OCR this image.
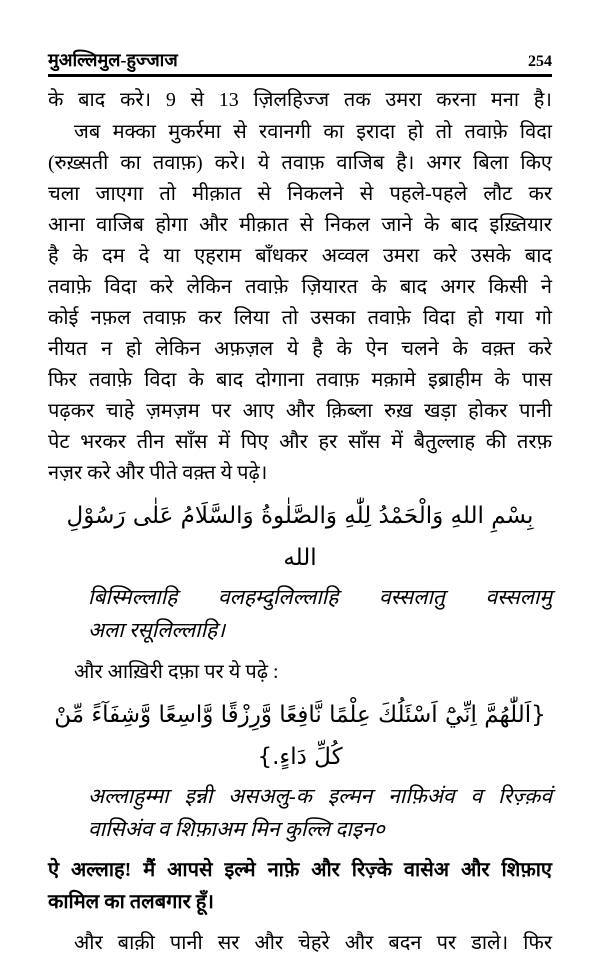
मुअल्लिमुल-हुज्जाज	254
के बाद करे। 9 से 13 ज़िलहिज्ज तक उमरा करना मना है।
जब मक्का मुकर्रमा से रवानगी का इरादा हो तो तवाफ़े विदा
(रुख़्सती का तवाफ़) करे। ये तवाफ़ वाजिब है। अगर बिला किए
चला जाएगा तो मीक़ात से निकलने से पहले-पहले लौट कर
आना वाजिब होगा और मीक़ात से निकल जाने के बाद इख़्तियार
है के दम दे या एहराम बाँधकर अव्वल उमरा करे उसके बाद
तवाफ़े विदा करे लेकिन तवाफ़े ज़ियारत के बाद अगर किसी ने
कोई नफ़ल तवाफ़ कर लिया तो उसका तवाफ़े विदा हो गया गो
नीयत न हो लेकिन अफ़ज़ल ये है के ऐन चलने के वक़्त करे
फिर तवाफ़े विदा के बाद दोगाना तवाफ़ मक़ामे इब्राहीम के पास
पढ़कर चाहे ज़मज़म पर आए और क़िब्ला रुख़ खड़ा होकर पानी
पेट भरकर तीन साँस में पिए और हर साँस में बैतुल्लाह की तरफ़
नज़र करे और पीते वक़्त ये पढ़े।
بِسْمِ اللهِ وَالْحَمْدُ لِلّٰهِ وَالصَّلٰوةُ وَالسَّلَامُ عَلٰى رَسُوْلِ الله
बिस्मिल्लाहि वलहम्दुलिल्लाहि वस्सलातु वस्सलामु
अला रसूलिल्लाहि।
और आख़िरी दफ़ा पर ये पढ़े :
{اَللّٰهُمَّ اِنِّيْٓ اَسْئَلُكَ عِلْمًا نَّافِعًا وَّرِزْقًا وَّاسِعًا وَّشِفَآءً مِّنْ كُلِّ دَاءٍ.}
अल्लाहुम्मा इन्नी असअलु-क इल्मन नाफ़िअंव व रिज़्क़वं
वासिअंव व शिफ़ाअम मिन कुल्लि दाइन०
ऐ अल्लाह! मैं आपसे इल्मे नाफ़े और रिज़्के वासेअ और शिफ़ाए
कामिल का तलबगार हूँ।
और बाक़ी पानी सर और चेहरे और बदन पर डाले। फिर
